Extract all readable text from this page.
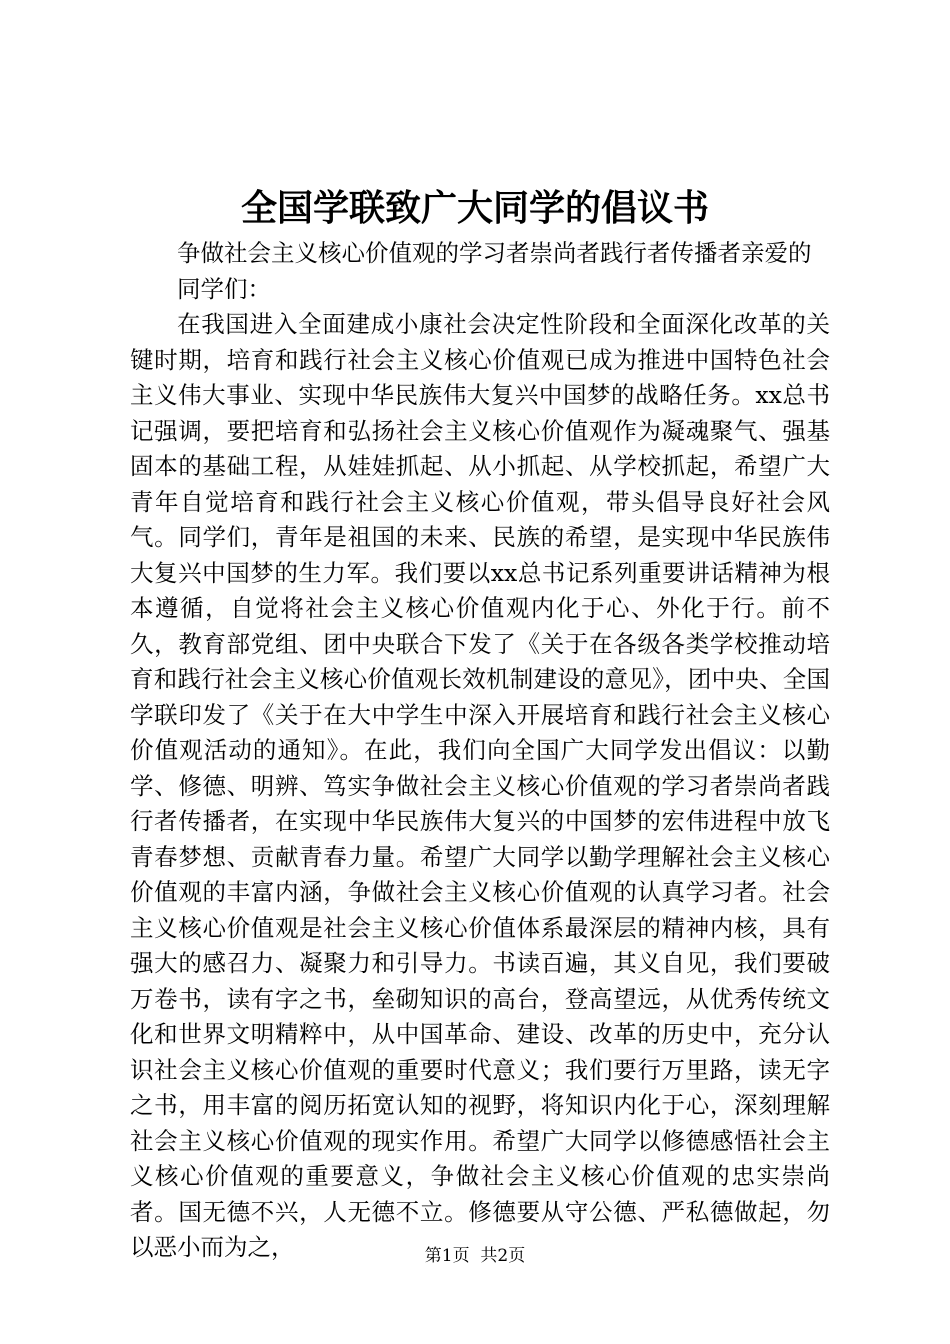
全国学联致广大同学的倡议书

争做社会主义核心价值观的学习者崇尚者践行者传播者亲爱的

同学们：

在我国进入全面建成小康社会决定性阶段和全面深化改革的关键时期，培育和践行社会主义核心价值观已成为推进中国特色社会主义伟大事业、实现中华民族伟大复兴中国梦的战略任务。xx总书记强调，要把培育和弘扬社会主义核心价值观作为凝魂聚气、强基固本的基础工程，从娃娃抓起、从小抓起、从学校抓起，希望广大青年自觉培育和践行社会主义核心价值观，带头倡导良好社会风气。同学们，青年是祖国的未来、民族的希望，是实现中华民族伟大复兴中国梦的生力军。我们要以xx总书记系列重要讲话精神为根本遵循，自觉将社会主义核心价值观内化于心、外化于行。前不久，教育部党组、团中央联合下发了《关于在各级各类学校推动培育和践行社会主义核心价值观长效机制建设的意见》，团中央、全国学联印发了《关于在大中学生中深入开展培育和践行社会主义核心价值观活动的通知》。在此，我们向全国广大同学发出倡议：以勤学、修德、明辨、笃实争做社会主义核心价值观的学习者崇尚者践行者传播者，在实现中华民族伟大复兴的中国梦的宏伟进程中放飞青春梦想、贡献青春力量。希望广大同学以勤学理解社会主义核心价值观的丰富内涵，争做社会主义核心价值观的认真学习者。社会主义核心价值观是社会主义核心价值体系最深层的精神内核，具有强大的感召力、凝聚力和引导力。书读百遍，其义自见，我们要破万卷书，读有字之书，垒砌知识的高台，登高望远，从优秀传统文化和世界文明精粹中，从中国革命、建设、改革的历史中，充分认识社会主义核心价值观的重要时代意义；我们要行万里路，读无字之书，用丰富的阅历拓宽认知的视野，将知识内化于心，深刻理解社会主义核心价值观的现实作用。希望广大同学以修德感悟社会主义核心价值观的重要意义，争做社会主义核心价值观的忠实崇尚者。国无德不兴，人无德不立。修德要从守公德、严私德做起，勿以恶小而为之，	第1页 共2页
